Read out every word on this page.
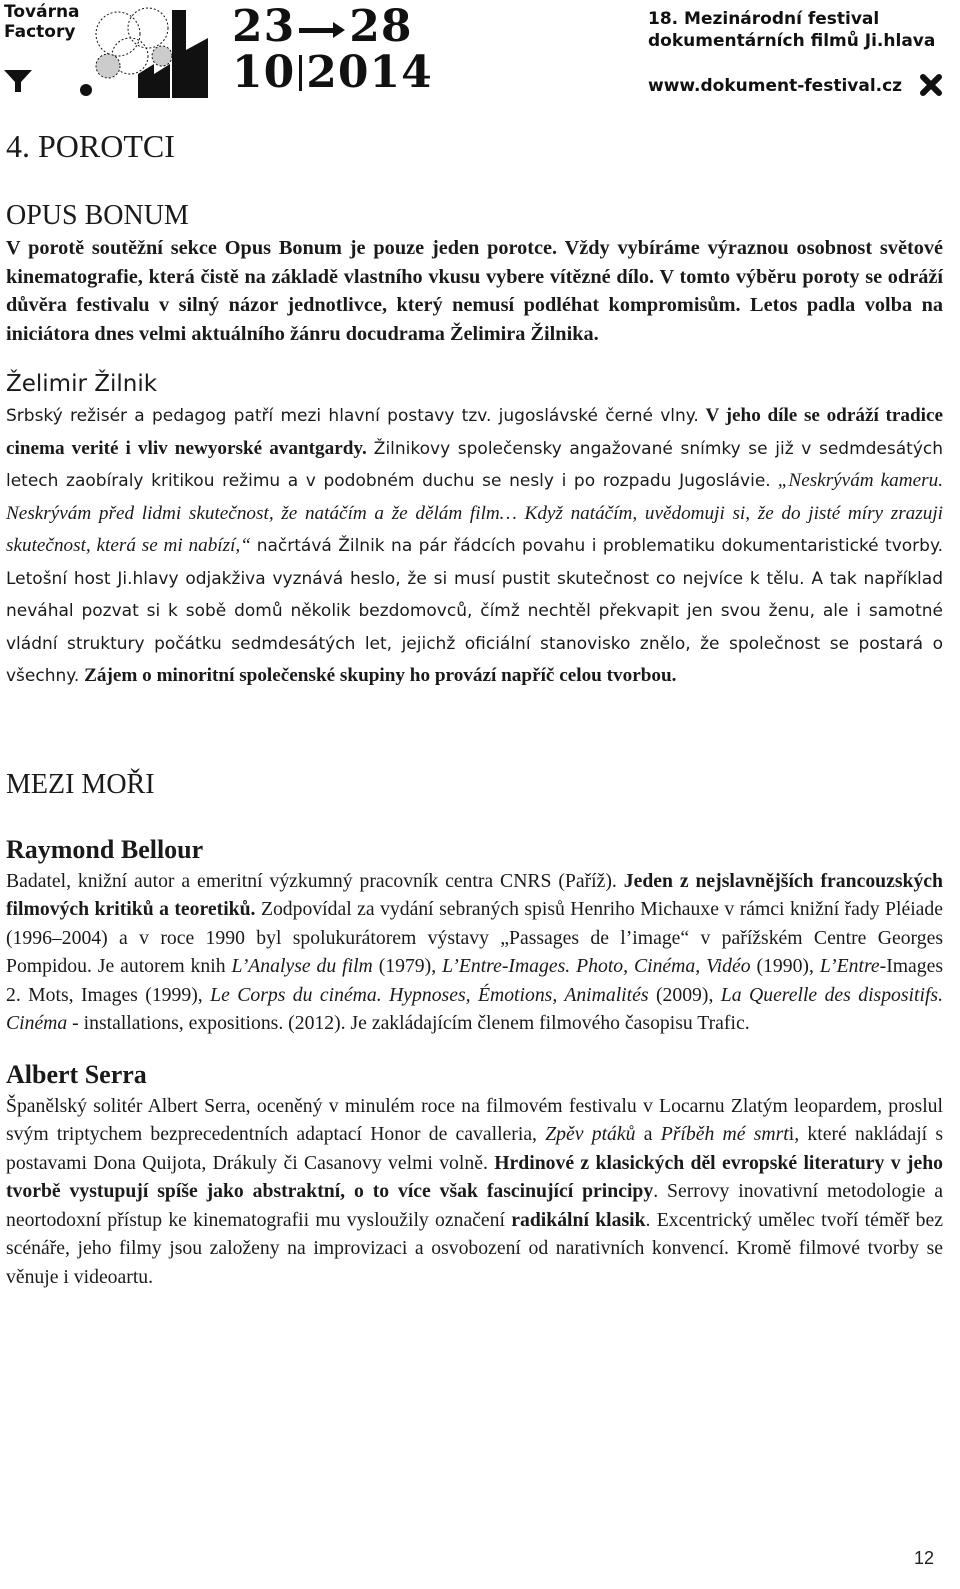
Továrna
Factory	23 28
10 2014
18. Mezinárodní festival
dokumentárních filmů Ji.hlava
www.dokument-festival.cz
4. POROTCI
OPUS BONUM

V porotě soutěžní sekce Opus Bonum je pouze jeden porotce. Vždy vybíráme výraznou osobnost světové kinematografie, která čistě na základě vlastního vkusu vybere vítězné dílo. V tomto výběru poroty se odráží důvěra festivalu v silný názor jednotlivce, který nemusí podléhat kompromisům. Letos padla volba na iniciátora dnes velmi aktuálního žánru docudrama Želimira Žilnika.

Želimir Žilnik

Srbský režisér a pedagog patří mezi hlavní postavy tzv. jugoslávské černé vlny. V jeho díle se odráží tradice cinema verité i vliv newyorské avantgardy. Žilnikovy společensky angažované snímky se již v sedmdesátých letech zaobíraly kritikou režimu a v podobném duchu se nesly i po rozpadu Jugoslávie. „Neskrývám kameru. Neskrývám před lidmi skutečnost, že natáčím a že dělám film… Když natáčím, uvědomuji si, že do jisté míry zrazuji skutečnost, která se mi nabízí,“ načrtává Žilnik na pár řádcích povahu i problematiku dokumentaristické tvorby. Letošní host Ji.hlavy odjakživa vyznává heslo, že si musí pustit skutečnost co nejvíce k tělu. A tak například neváhal pozvat si k sobě domů několik bezdomovců, čímž nechtěl překvapit jen svou ženu, ale i samotné vládní struktury počátku sedmdesátých let, jejichž oficiální stanovisko znělo, že společnost se postará o všechny. Zájem o minoritní společenské skupiny ho provází napříč celou tvorbou.

MEZI MOŘI
Raymond Bellour

Badatel, knižní autor a emeritní výzkumný pracovník centra CNRS (Paříž). Jeden z nejslavnějších francouzských filmových kritiků a teoretiků. Zodpovídal za vydání sebraných spisů Henriho Michauxe v rámci knižní řady Pléiade (1996–2004) a v roce 1990 byl spolukurátorem výstavy „Passages de l’image“ v pařížském Centre Georges Pompidou. Je autorem knih L’Analyse du film (1979), L’Entre-Images. Photo, Cinéma, Vidéo (1990), L’Entre-Images 2. Mots, Images (1999), Le Corps du cinéma. Hypnoses, Émotions, Animalités (2009), La Querelle des dispositifs. Cinéma - installations, expositions. (2012). Je zakládajícím členem filmového časopisu Trafic.

Albert Serra

Španělský solitér Albert Serra, oceněný v minulém roce na filmovém festivalu v Locarnu Zlatým leopardem, proslul svým triptychem bezprecedentních adaptací Honor de cavalleria, Zpěv ptáků a Příběh mé smrti, které nakládají s postavami Dona Quijota, Drákuly či Casanovy velmi volně. Hrdinové z klasických děl evropské literatury v jeho tvorbě vystupují spíše jako abstraktní, o to více však fascinující principy. Serrovy inovativní metodologie a neortodoxní přístup ke kinematografii mu vysloužily označení radikální klasik. Excentrický umělec tvoří téměř bez scénáře, jeho filmy jsou založeny na improvizaci a osvobození od narativních konvencí. Kromě filmové tvorby se věnuje i videoartu.

12
